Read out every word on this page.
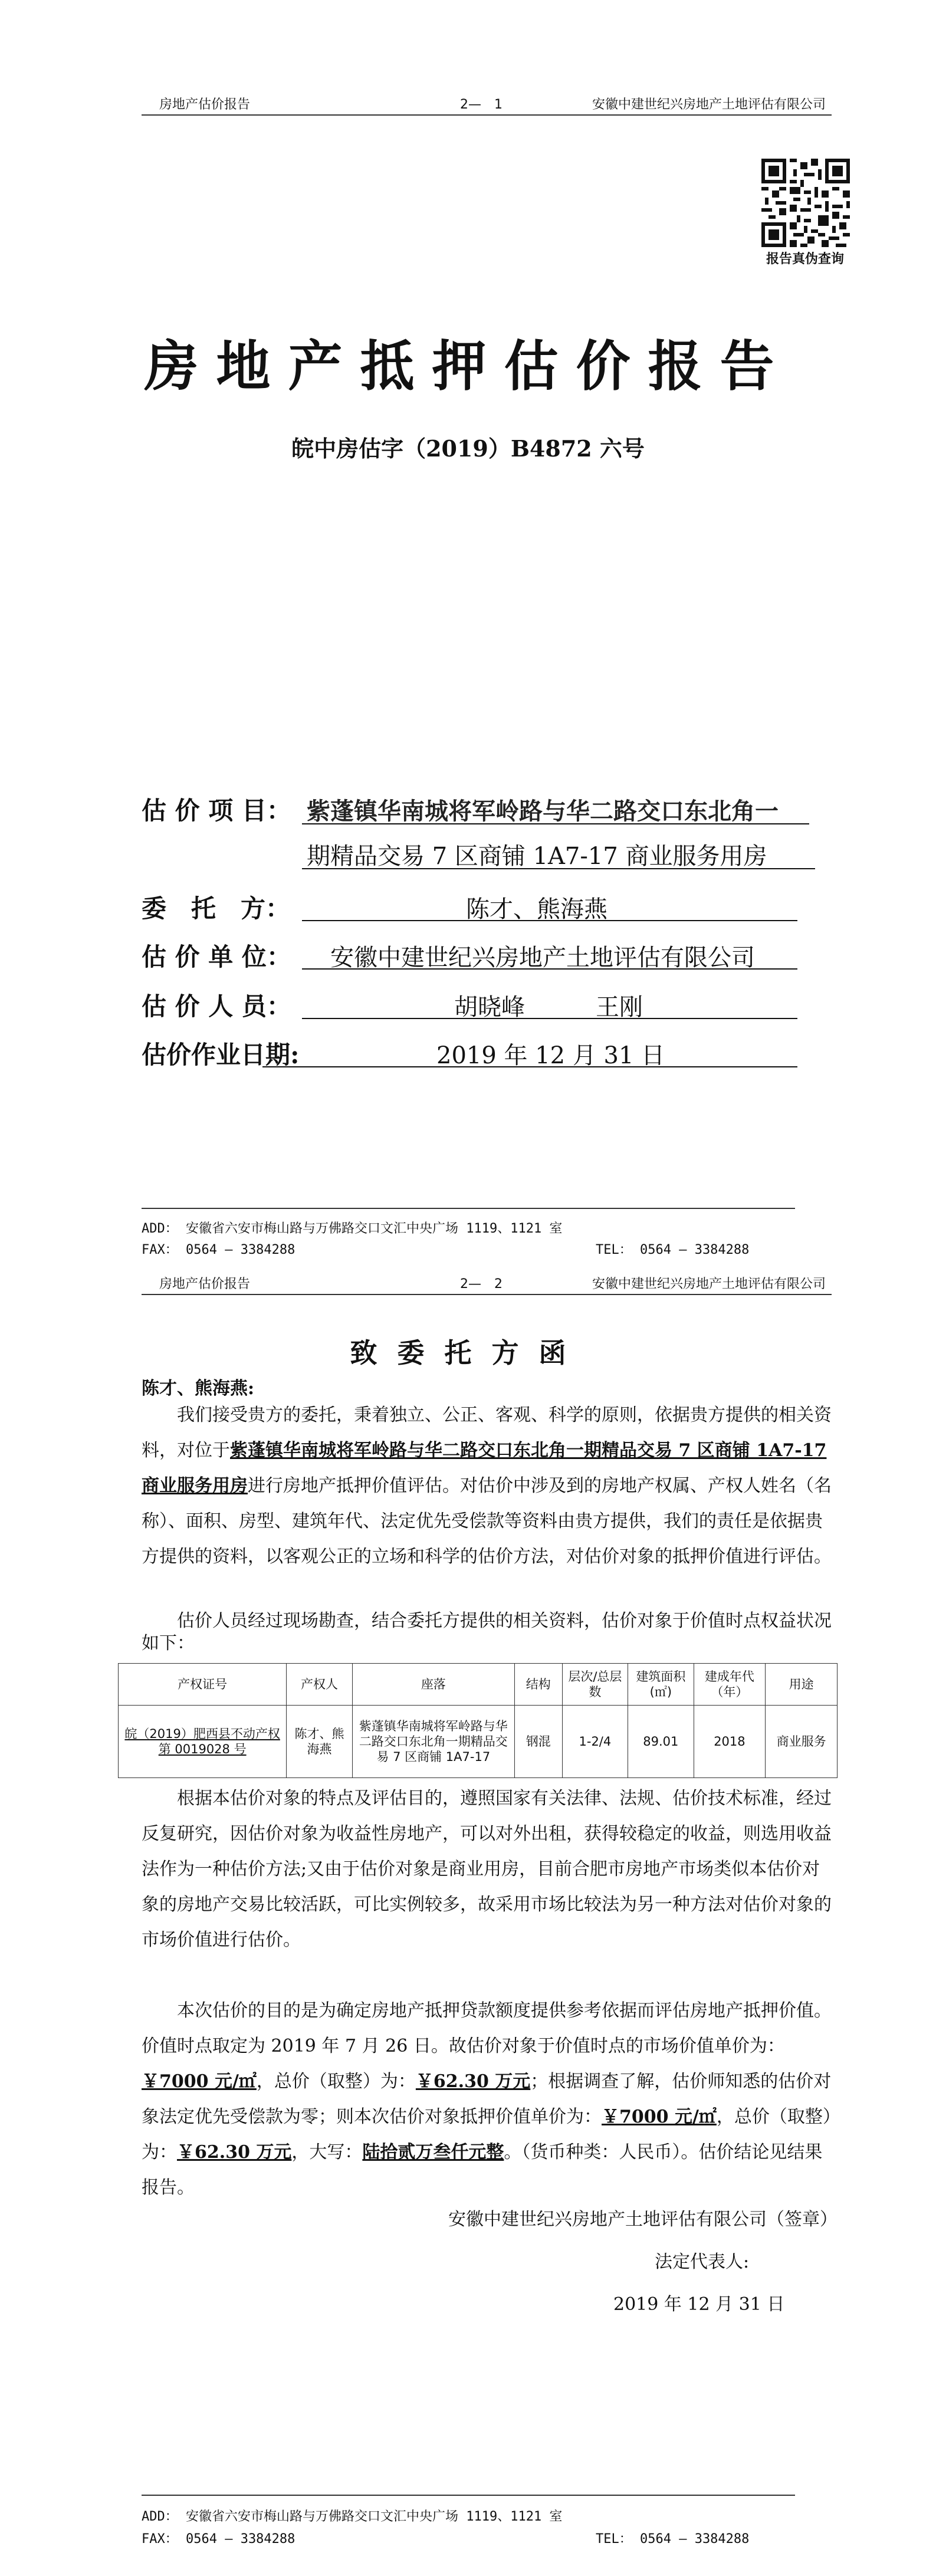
房地产估价报告	2—　1	安徽中建世纪兴房地产土地评估有限公司
报告真伪查询
房地产抵押估价报告
皖中房估字（2019）B4872 六号
估 价 项 目： 紫蓬镇华南城将军岭路与华二路交口东北角一
期精品交易 7 区商铺 1A7-17 商业服务用房
委　托　方：	陈才、熊海燕
估 价 单 位： 安徽中建世纪兴房地产土地评估有限公司
估 价 人 员：	胡晓峰	王刚
估价作业日期:	2019 年 12 月 31 日
ADD： 安徽省六安市梅山路与万佛路交口文汇中央广场 1119、1121 室
FAX： 0564 — 3384288	TEL： 0564 — 3384288
房地产估价报告	2—　2	安徽中建世纪兴房地产土地评估有限公司
致委托方函
陈才、熊海燕:
我们接受贵方的委托，秉着独立、公正、客观、科学的原则，依据贵方提供的相关资料，对位于紫蓬镇华南城将军岭路与华二路交口东北角一期精品交易 7 区商铺 1A7-17 商业服务用房进行房地产抵押价值评估。对估价中涉及到的房地产权属、产权人姓名（名称）、面积、房型、建筑年代、法定优先受偿款等资料由贵方提供，我们的责任是依据贵方提供的资料，以客观公正的立场和科学的估价方法，对估价对象的抵押价值进行评估。
估价人员经过现场勘查，结合委托方提供的相关资料，估价对象于价值时点权益状况如下：
产权证号	产权人	座落	结构	层次/总层数	建筑面积(㎡)	建成年代（年）	用途
皖（2019）肥西县不动产权第 0019028 号	陈才、熊海燕	紫蓬镇华南城将军岭路与华二路交口东北角一期精品交易 7 区商铺 1A7-17	钢混	1-2/4	89.01	2018	商业服务
根据本估价对象的特点及评估目的，遵照国家有关法律、法规、估价技术标准，经过反复研究，因估价对象为收益性房地产，可以对外出租，获得较稳定的收益，则选用收益法作为一种估价方法;又由于估价对象是商业用房，目前合肥市房地产市场类似本估价对象的房地产交易比较活跃，可比实例较多，故采用市场比较法为另一种方法对估价对象的市场价值进行估价。
本次估价的目的是为确定房地产抵押贷款额度提供参考依据而评估房地产抵押价值。价值时点取定为 2019 年 7 月 26 日。故估价对象于价值时点的市场价值单价为：￥7000 元/㎡，总价（取整）为：￥62.30 万元；根据调查了解，估价师知悉的估价对象法定优先受偿款为零；则本次估价对象抵押价值单价为：￥7000 元/㎡，总价（取整）为：￥62.30 万元，大写：陆拾贰万叁仟元整。（货币种类：人民币）。估价结论见结果报告。
安徽中建世纪兴房地产土地评估有限公司（签章）
法定代表人:
2019 年 12 月 31 日
ADD： 安徽省六安市梅山路与万佛路交口文汇中央广场 1119、1121 室
FAX： 0564 — 3384288	TEL： 0564 — 3384288
